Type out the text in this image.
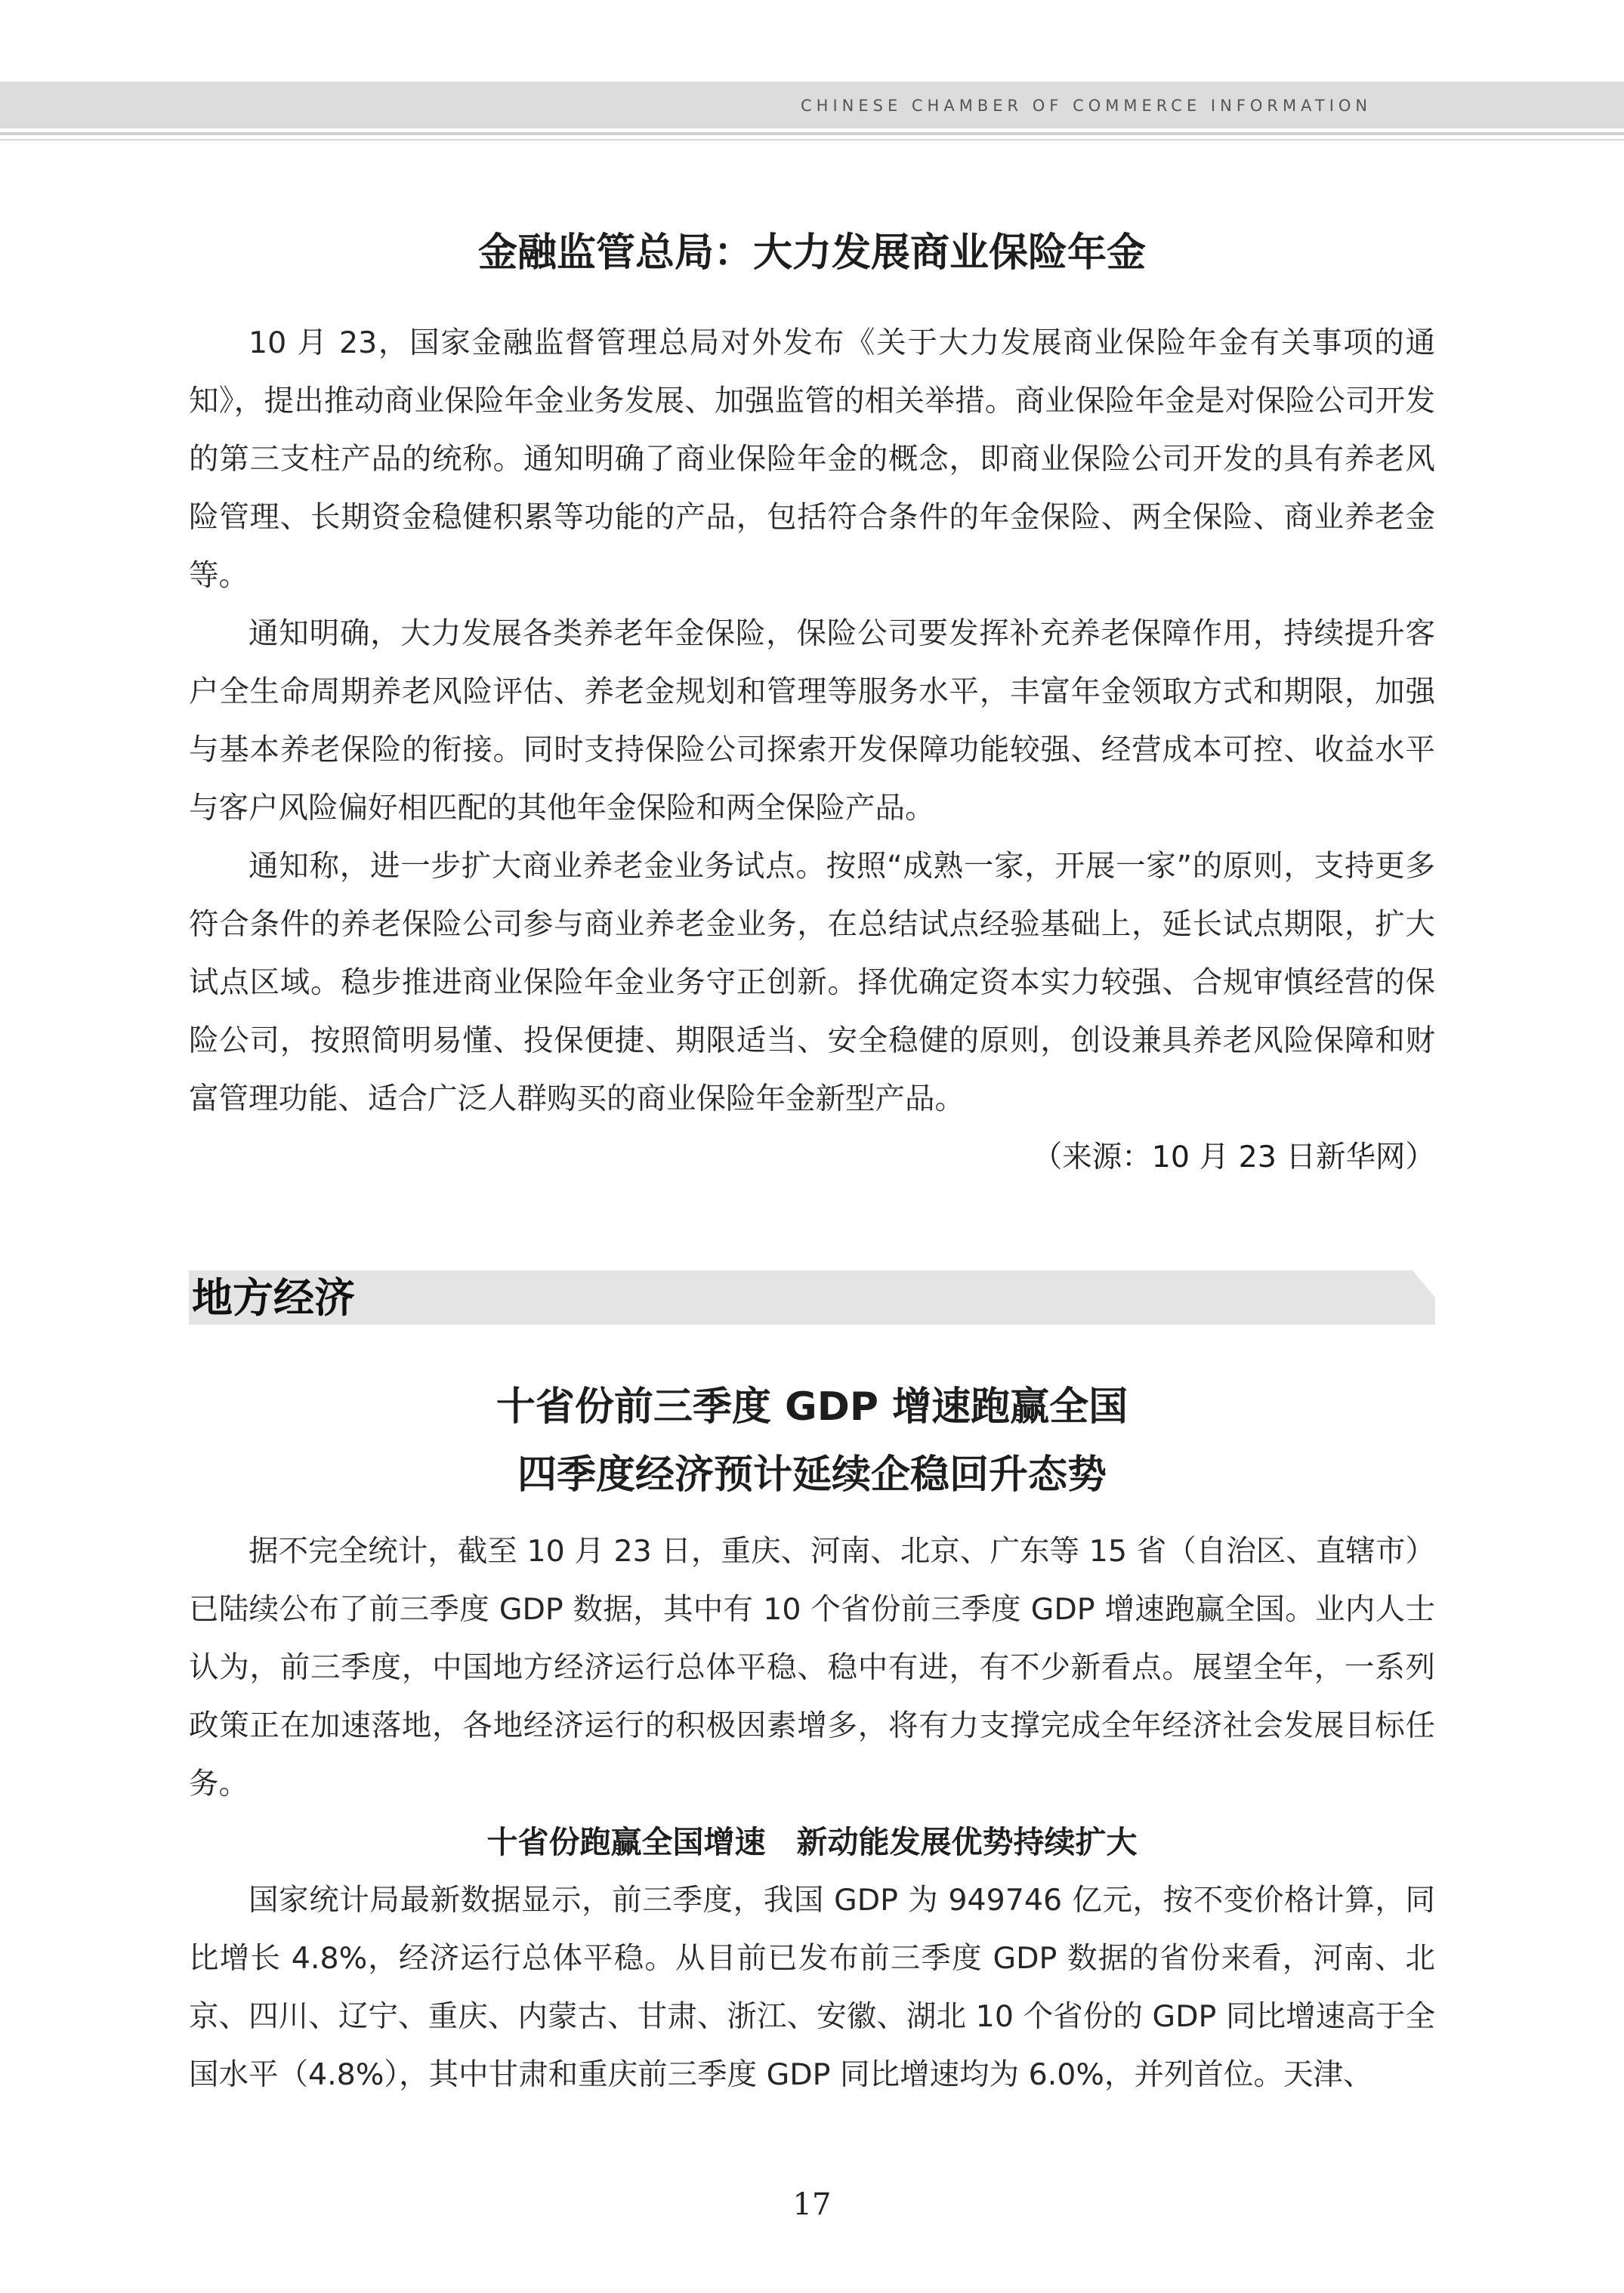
CHINESE CHAMBER OF COMMERCE INFORMATION
金融监管总局：大力发展商业保险年金

10 月 23，国家金融监督管理总局对外发布《关于大力发展商业保险年金有关事项的通知》，提出推动商业保险年金业务发展、加强监管的相关举措。商业保险年金是对保险公司开发的第三支柱产品的统称。通知明确了商业保险年金的概念，即商业保险公司开发的具有养老风险管理、长期资金稳健积累等功能的产品，包括符合条件的年金保险、两全保险、商业养老金等。

通知明确，大力发展各类养老年金保险，保险公司要发挥补充养老保障作用，持续提升客户全生命周期养老风险评估、养老金规划和管理等服务水平，丰富年金领取方式和期限，加强与基本养老保险的衔接。同时支持保险公司探索开发保障功能较强、经营成本可控、收益水平与客户风险偏好相匹配的其他年金保险和两全保险产品。

通知称，进一步扩大商业养老金业务试点。按照“成熟一家，开展一家”的原则，支持更多符合条件的养老保险公司参与商业养老金业务，在总结试点经验基础上，延长试点期限，扩大试点区域。稳步推进商业保险年金业务守正创新。择优确定资本实力较强、合规审慎经营的保险公司，按照简明易懂、投保便捷、期限适当、安全稳健的原则，创设兼具养老风险保障和财富管理功能、适合广泛人群购买的商业保险年金新型产品。

（来源：10 月 23 日新华网）

地方经济
十省份前三季度 GDP 增速跑赢全国
四季度经济预计延续企稳回升态势

据不完全统计，截至 10 月 23 日，重庆、河南、北京、广东等 15 省（自治区、直辖市）已陆续公布了前三季度 GDP 数据，其中有 10 个省份前三季度 GDP 增速跑赢全国。业内人士认为，前三季度，中国地方经济运行总体平稳、稳中有进，有不少新看点。展望全年，一系列政策正在加速落地，各地经济运行的积极因素增多，将有力支撑完成全年经济社会发展目标任务。

十省份跑赢全国增速　新动能发展优势持续扩大

国家统计局最新数据显示，前三季度，我国 GDP 为 949746 亿元，按不变价格计算，同比增长 4.8%，经济运行总体平稳。从目前已发布前三季度 GDP 数据的省份来看，河南、北京、四川、辽宁、重庆、内蒙古、甘肃、浙江、安徽、湖北 10 个省份的 GDP 同比增速高于全国水平（4.8%），其中甘肃和重庆前三季度 GDP 同比增速均为 6.0%，并列首位。天津、

17
